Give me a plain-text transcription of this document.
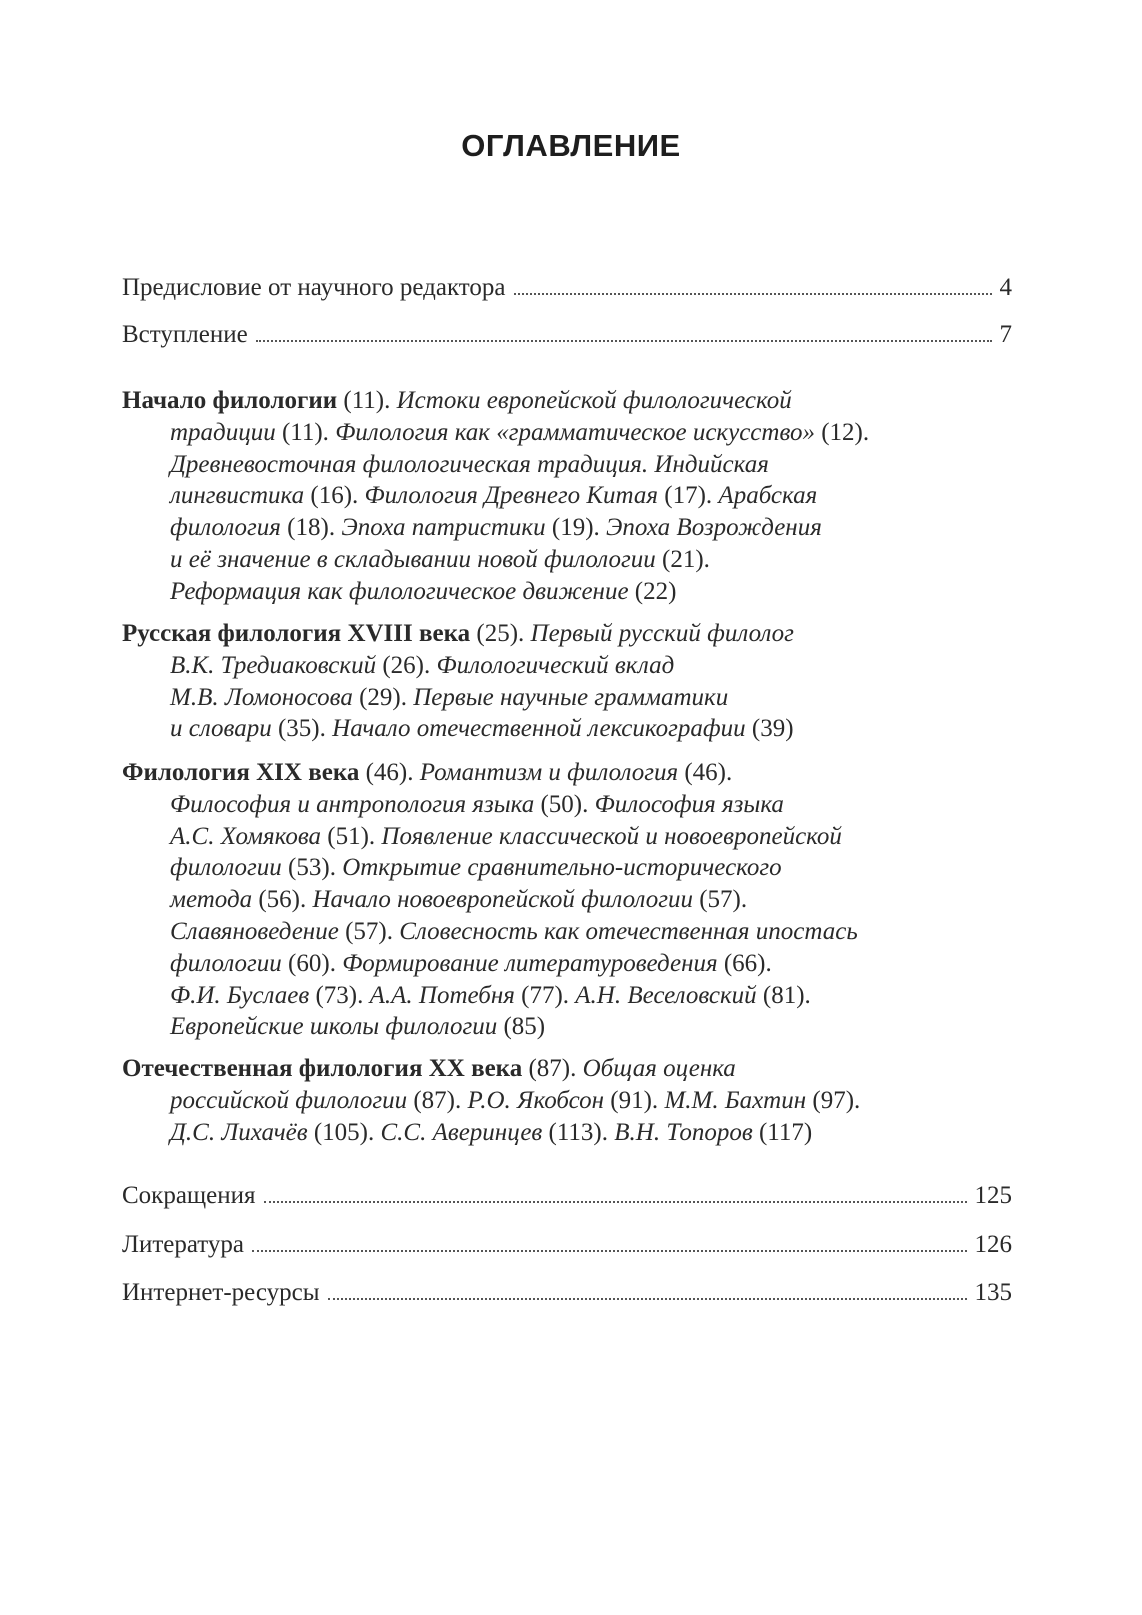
ОГЛАВЛЕНИЕ
Предисловие от научного редактора	4
Вступление	7
Начало филологии (11). Истоки европейской филологической
традиции (11). Филология как «грамматическое искусство» (12).
Древневосточная филологическая традиция. Индийская
лингвистика (16). Филология Древнего Китая (17). Арабская
филология (18). Эпоха патристики (19). Эпоха Возрождения
и её значение в складывании новой филологии (21).
Реформация как филологическое движение (22)
Русская филология XVIII века (25). Первый русский филолог
В.К. Тредиаковский (26). Филологический вклад
М.В. Ломоносова (29). Первые научные грамматики
и словари (35). Начало отечественной лексикографии (39)
Филология XIX века (46). Романтизм и филология (46).
Философия и антропология языка (50). Философия языка
А.С. Хомякова (51). Появление классической и новоевропейской
филологии (53). Открытие сравнительно-исторического
метода (56). Начало новоевропейской филологии (57).
Славяноведение (57). Словесность как отечественная ипостась
филологии (60). Формирование литературоведения (66).
Ф.И. Буслаев (73). А.А. Потебня (77). А.Н. Веселовский (81).
Европейские школы филологии (85)
Отечественная филология XX века (87). Общая оценка
российской филологии (87). Р.О. Якобсон (91). М.М. Бахтин (97).
Д.С. Лихачёв (105). С.С. Аверинцев (113). В.Н. Топоров (117)
Сокращения	125
Литература	126
Интернет-ресурсы	135
